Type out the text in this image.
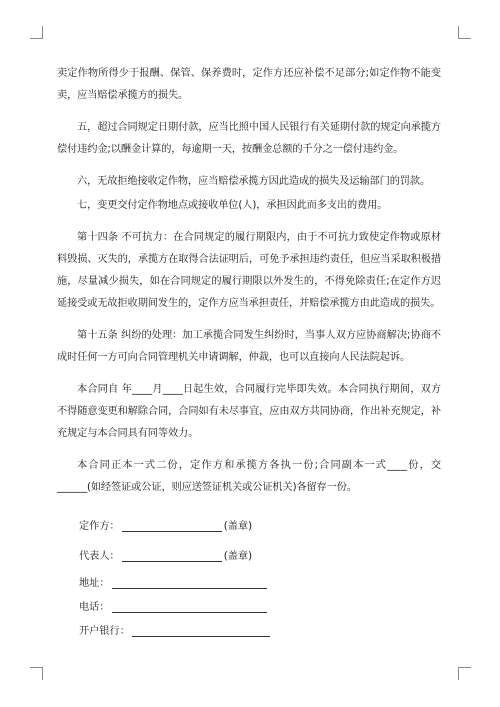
卖定作物所得少于报酬、保管、保养费时，定作方还应补偿不足部分;如定作物不能变卖，应当赔偿承揽方的损失。

五，超过合同规定日期付款，应当比照中国人民银行有关延期付款的规定向承揽方偿付违约金;以酬金计算的，每逾期一天，按酬金总额的千分之一偿付违约金。

六，无故拒绝接收定作物，应当赔偿承揽方因此造成的损失及运输部门的罚款。

七，变更交付定作物地点或接收单位(人)，承担因此而多支出的费用。

第十四条 不可抗力：在合同规定的履行期限内，由于不可抗力致使定作物或原材料毁损、灭失的，承揽方在取得合法证明后，可免予承担违约责任，但应当采取积极措施，尽量减少损失，如在合同规定的履行期限以外发生的，不得免除责任;在定作方迟延接受或无故拒收期间发生的，定作方应当承担责任，并赔偿承揽方由此造成的损失。

第十五条 纠纷的处理：加工承揽合同发生纠纷时，当事人双方应协商解决;协商不成时任何一方可向合同管理机关申请调解，仲裁，也可以直接向人民法院起诉。

本合同自 年____月____日起生效，合同履行完毕即失效。本合同执行期间，双方不得随意变更和解除合同，合同如有未尽事宜，应由双方共同协商，作出补充规定，补充规定与本合同具有同等效力。

本合同正本一式二份，定作方和承揽方各执一份;合同副本一式____份，交______(如经签证或公证，则应送签证机关或公证机关)各留存一份。

定作方：	(盖章)
代表人：	(盖章)
地址：
电话：
开户银行：
